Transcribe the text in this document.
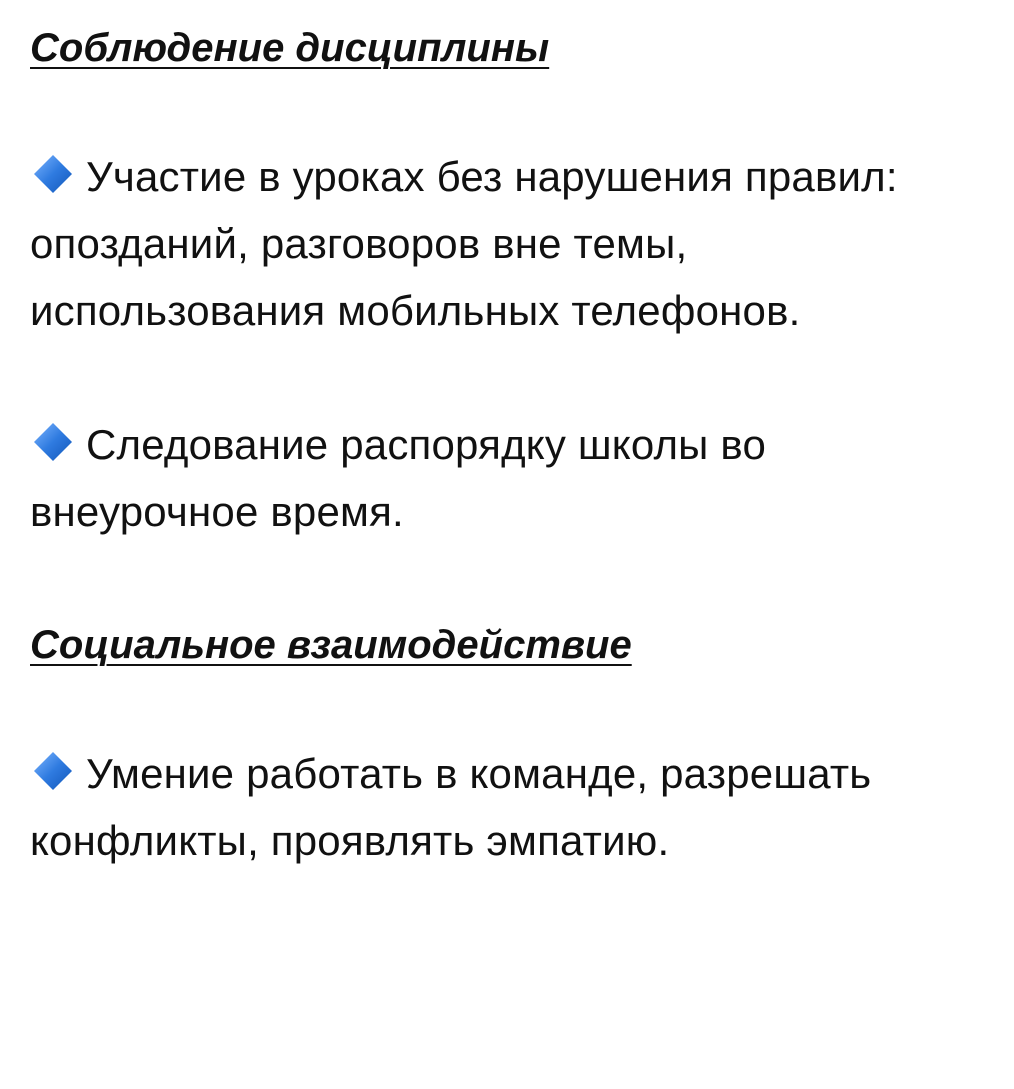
Соблюдение дисциплины

Участие в уроках без нарушения правил: опозданий, разговоров вне темы, использования мобильных телефонов.

Следование распорядку школы во внеурочное время.

Социальное взаимодействие

Умение работать в команде, разрешать конфликты, проявлять эмпатию.
